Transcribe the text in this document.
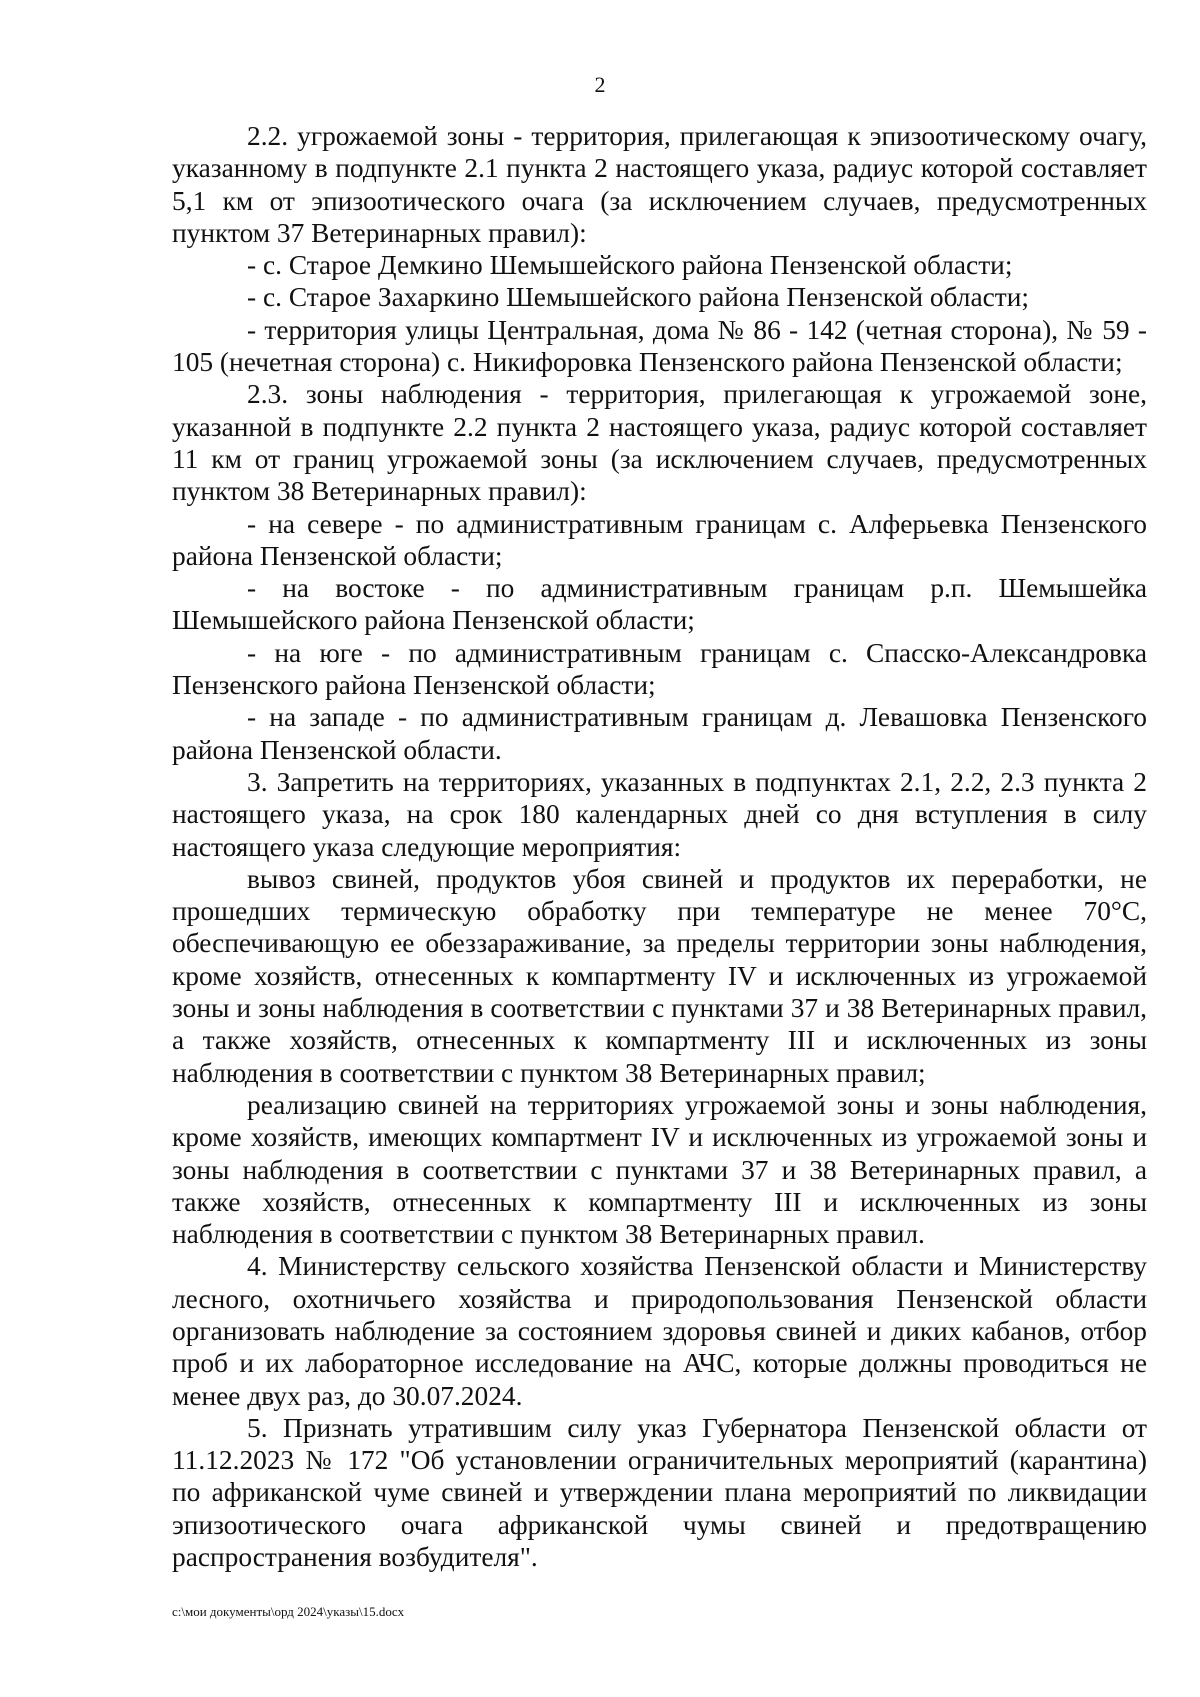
2

2.2. угрожаемой зоны - территория, прилегающая к эпизоотическому очагу, указанному в подпункте 2.1 пункта 2 настоящего указа, радиус которой составляет 5,1 км от эпизоотического очага (за исключением случаев, предусмотренных пунктом 37 Ветеринарных правил):

- с. Старое Демкино Шемышейского района Пензенской области;

- с. Старое Захаркино Шемышейского района Пензенской области;

- территория улицы Центральная, дома № 86 - 142 (четная сторона), № 59 - 105 (нечетная сторона) с. Никифоровка Пензенского района Пензенской области;

2.3. зоны наблюдения - территория, прилегающая к угрожаемой зоне, указанной в подпункте 2.2 пункта 2 настоящего указа, радиус которой составляет 11 км от границ угрожаемой зоны (за исключением случаев, предусмотренных пунктом 38 Ветеринарных правил):

- на севере - по административным границам с. Алферьевка Пензенского района Пензенской области;

- на востоке - по административным границам р.п. Шемышейка Шемышейского района Пензенской области;

- на юге - по административным границам с. Спасско-Александровка Пензенского района Пензенской области;

- на западе - по административным границам д. Левашовка Пензенского района Пензенской области.

3. Запретить на территориях, указанных в подпунктах 2.1, 2.2, 2.3 пункта 2 настоящего указа, на срок 180 календарных дней со дня вступления в силу настоящего указа следующие мероприятия:

вывоз свиней, продуктов убоя свиней и продуктов их переработки, не прошедших термическую обработку при температуре не менее 70°С, обеспечивающую ее обеззараживание, за пределы территории зоны наблюдения, кроме хозяйств, отнесенных к компартменту IV и исключенных из угрожаемой зоны и зоны наблюдения в соответствии с пунктами 37 и 38 Ветеринарных правил, а также хозяйств, отнесенных к компартменту III и исключенных из зоны наблюдения в соответствии с пунктом 38 Ветеринарных правил;

реализацию свиней на территориях угрожаемой зоны и зоны наблюдения, кроме хозяйств, имеющих компартмент IV и исключенных из угрожаемой зоны и зоны наблюдения в соответствии с пунктами 37 и 38 Ветеринарных правил, а также хозяйств, отнесенных к компартменту III и исключенных из зоны наблюдения в соответствии с пунктом 38 Ветеринарных правил.

4. Министерству сельского хозяйства Пензенской области и Министерству лесного, охотничьего хозяйства и природопользования Пензенской области организовать наблюдение за состоянием здоровья свиней и диких кабанов, отбор проб и их лабораторное исследование на АЧС, которые должны проводиться не менее двух раз, до 30.07.2024.

5. Признать утратившим силу указ Губернатора Пензенской области от 11.12.2023 № 172 "Об установлении ограничительных мероприятий (карантина) по африканской чуме свиней и утверждении плана мероприятий по ликвидации эпизоотического очага африканской чумы свиней и предотвращению распространения возбудителя".

c:\мои документы\орд 2024\указы\15.docx
